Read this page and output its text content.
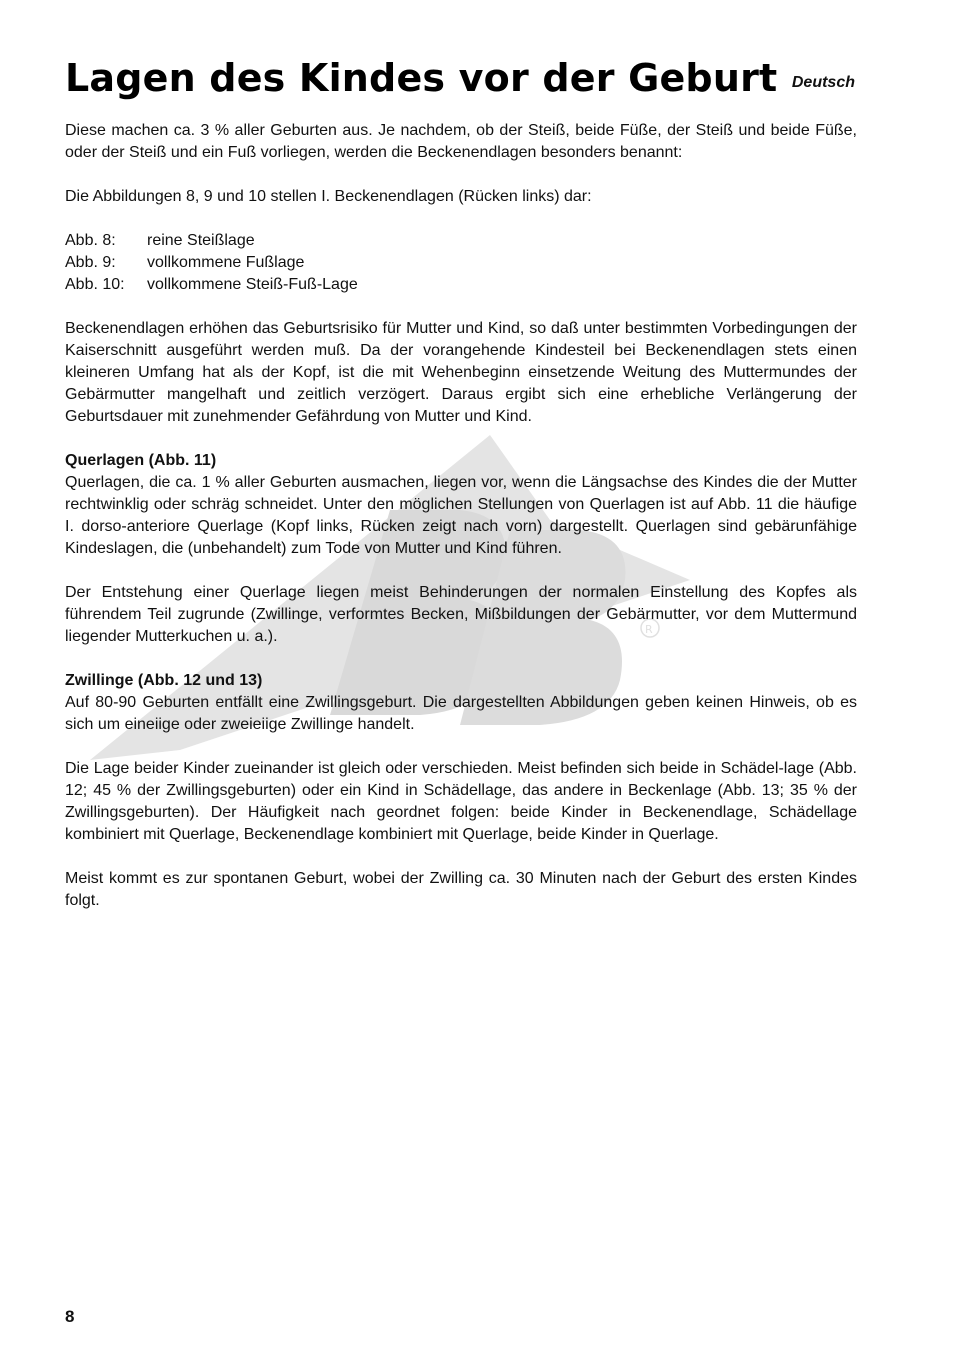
R
Lagen des Kindes vor der Geburt Deutsch

Diese machen ca. 3 % aller Geburten aus. Je nachdem, ob der Steiß, beide Füße, der Steiß und beide Füße, oder der Steiß und ein Fuß vorliegen, werden die Beckenendlagen besonders benannt:

Die Abbildungen 8, 9 und 10 stellen I. Beckenendlagen (Rücken links) dar:

Abb. 8:	reine Steißlage
Abb. 9:	vollkommene Fußlage
Abb. 10:	vollkommene Steiß-Fuß-Lage

Beckenendlagen erhöhen das Geburtsrisiko für Mutter und Kind, so daß unter bestimmten Vorbedingungen der Kaiserschnitt ausgeführt werden muß. Da der vorangehende Kindesteil bei Beckenendlagen stets einen kleineren Umfang hat als der Kopf, ist die mit Wehenbeginn einsetzende Weitung des Muttermundes der Gebärmutter mangelhaft und zeitlich verzögert. Daraus ergibt sich eine erhebliche Verlängerung der Geburtsdauer mit zunehmender Gefährdung von Mutter und Kind.

Querlagen (Abb. 11)

Querlagen, die ca. 1 % aller Geburten ausmachen, liegen vor, wenn die Längsachse des Kindes die der Mutter rechtwinklig oder schräg schneidet. Unter den möglichen Stellungen von Querlagen ist auf Abb. 11 die häufige I. dorso-anteriore Querlage (Kopf links, Rücken zeigt nach vorn) dargestellt. Querlagen sind gebärunfähige Kindeslagen, die (unbehandelt) zum Tode von Mutter und Kind führen.

Der Entstehung einer Querlage liegen meist Behinderungen der normalen Einstellung des Kopfes als führendem Teil zugrunde (Zwillinge, verformtes Becken, Mißbildungen der Gebärmutter, vor dem Muttermund liegender Mutterkuchen u. a.).

Zwillinge (Abb. 12 und 13)

Auf 80-90 Geburten entfällt eine Zwillingsgeburt. Die dargestellten Abbildungen geben keinen Hinweis, ob es sich um eineiige oder zweieiige Zwillinge handelt.

Die Lage beider Kinder zueinander ist gleich oder verschieden. Meist befinden sich beide in Schädel-lage (Abb. 12; 45 % der Zwillingsgeburten) oder ein Kind in Schädellage, das andere in Beckenlage (Abb. 13; 35 % der Zwillingsgeburten). Der Häufigkeit nach geordnet folgen: beide Kinder in Beckenendlage, Schädellage kombiniert mit Querlage, Beckenendlage kombiniert mit Querlage, beide Kinder in Querlage.

Meist kommt es zur spontanen Geburt, wobei der Zwilling ca. 30 Minuten nach der Geburt des ersten Kindes folgt.

8
